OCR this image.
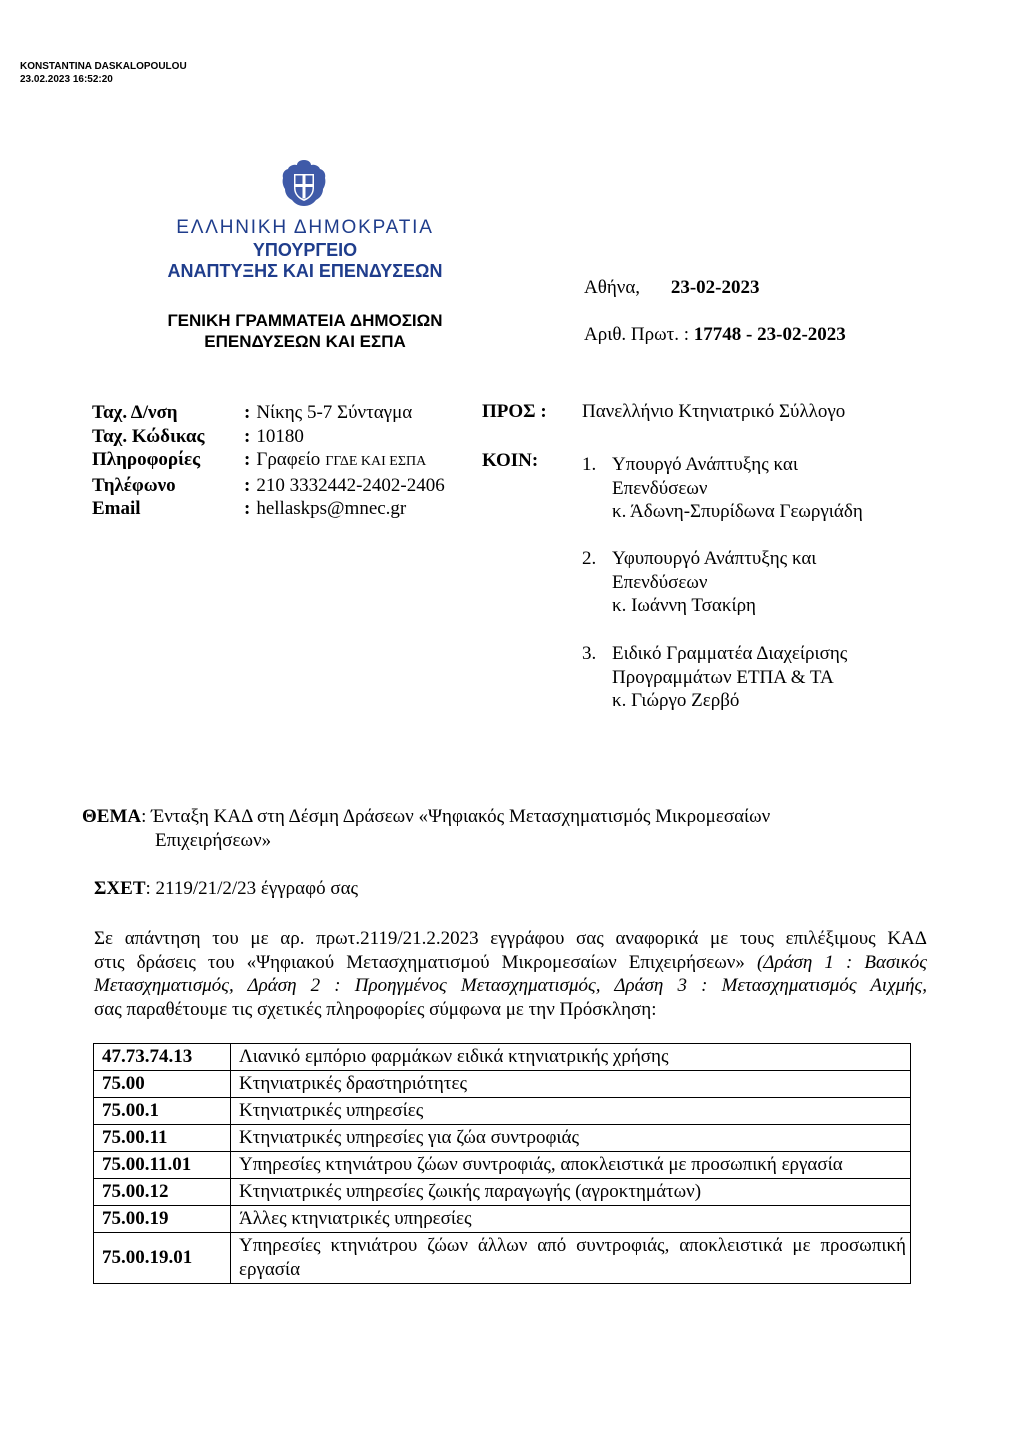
KONSTANTINA DASKALOPOULOU
23.02.2023 16:52:20
ΕΛΛΗΝΙΚΗ ΔΗΜΟΚΡΑΤΙΑ
ΥΠΟΥΡΓΕΙΟ
ΑΝΑΠΤΥΞΗΣ ΚΑΙ ΕΠΕΝΔΥΣΕΩΝ
ΓΕΝΙΚΗ ΓΡΑΜΜΑΤΕΙΑ ΔΗΜΟΣΙΩΝ
ΕΠΕΝΔΥΣΕΩΝ ΚΑΙ ΕΣΠΑ
Αθήνα, 23-02-2023
Αριθ. Πρωτ. : 17748 - 23-02-2023
Ταχ. Δ/νση	: Νίκης 5-7 Σύνταγμα
Ταχ. Κώδικας	: 10180
Πληροφορίες	: Γραφείο ΓΓΔΕ ΚΑΙ ΕΣΠΑ
Τηλέφωνο	: 210 3332442-2402-2406
Email	: hellaskps@mnec.gr
ΠΡΟΣ : Πανελλήνιο Κτηνιατρικό Σύλλογο
ΚΟΙΝ: 1. Υπουργό Ανάπτυξης και
Επενδύσεων
κ. Άδωνη-Σπυρίδωνα Γεωργιάδη
2. Υφυπουργό Ανάπτυξης και
Επενδύσεων
κ. Ιωάννη Τσακίρη
3. Ειδικό Γραμματέα Διαχείρισης
Προγραμμάτων ΕΤΠΑ & ΤΑ
κ. Γιώργο Ζερβό
ΘΕΜΑ: Ένταξη ΚΑΔ στη Δέσμη Δράσεων «Ψηφιακός Μετασχηματισμός Μικρομεσαίων
Επιχειρήσεων»
ΣΧΕΤ: 2119/21/2/23 έγγραφό σας
Σε απάντηση του με αρ. πρωτ.2119/21.2.2023 εγγράφου σας αναφορικά με τους επιλέξιμους ΚΑΔ
στις δράσεις του «Ψηφιακού Μετασχηματισμού Μικρομεσαίων Επιχειρήσεων» (Δράση 1 : Βασικός
Μετασχηματισμός, Δράση 2 : Προηγμένος Μετασχηματισμός, Δράση 3 : Μετασχηματισμός Αιχμής,
σας παραθέτουμε τις σχετικές πληροφορίες σύμφωνα με την Πρόσκληση:
47.73.74.13	Λιανικό εμπόριο φαρμάκων ειδικά κτηνιατρικής χρήσης
75.00	Κτηνιατρικές δραστηριότητες
75.00.1	Κτηνιατρικές υπηρεσίες
75.00.11	Κτηνιατρικές υπηρεσίες για ζώα συντροφιάς
75.00.11.01	Υπηρεσίες κτηνιάτρου ζώων συντροφιάς, αποκλειστικά με προσωπική εργασία
75.00.12	Κτηνιατρικές υπηρεσίες ζωικής παραγωγής (αγροκτημάτων)
75.00.19	Άλλες κτηνιατρικές υπηρεσίες
75.00.19.01	Υπηρεσίες κτηνιάτρου ζώων άλλων από συντροφιάς, αποκλειστικά με προσωπική εργασία
